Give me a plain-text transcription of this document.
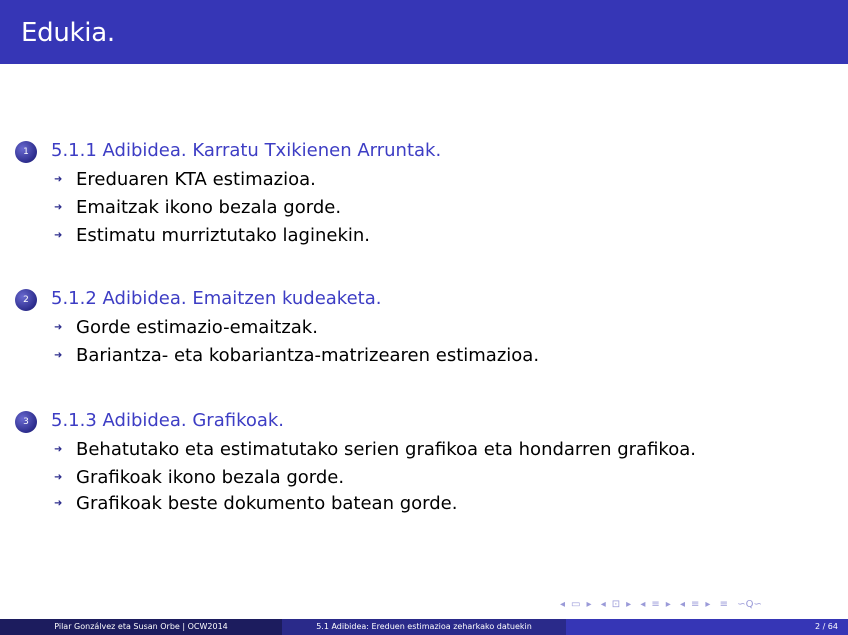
Edukia.
1	5.1.1 Adibidea. Karratu Txikienen Arruntak.
➜ Ereduaren KTA estimazioa.
➜ Emaitzak ikono bezala gorde.
➜ Estimatu murriztutako laginekin.
2	5.1.2 Adibidea. Emaitzen kudeaketa.
➜ Gorde estimazio-emaitzak.
➜ Bariantza- eta kobariantza-matrizearen estimazioa.
3	5.1.3 Adibidea. Grafikoak.
➜ Behatutako eta estimatutako serien grafikoa eta hondarren grafikoa.
➜ Grafikoak ikono bezala gorde.
➜ Grafikoak beste dokumento batean gorde.
◂ ▭ ▸ ◂ ⊡ ▸ ◂ ≡ ▸ ◂ ≡ ▸ ≡ ∽Q∽
Pilar Gonzálvez eta Susan Orbe | OCW2014	5.1 Adibidea: Ereduen estimazioa zeharkako datuekin	2 / 64
